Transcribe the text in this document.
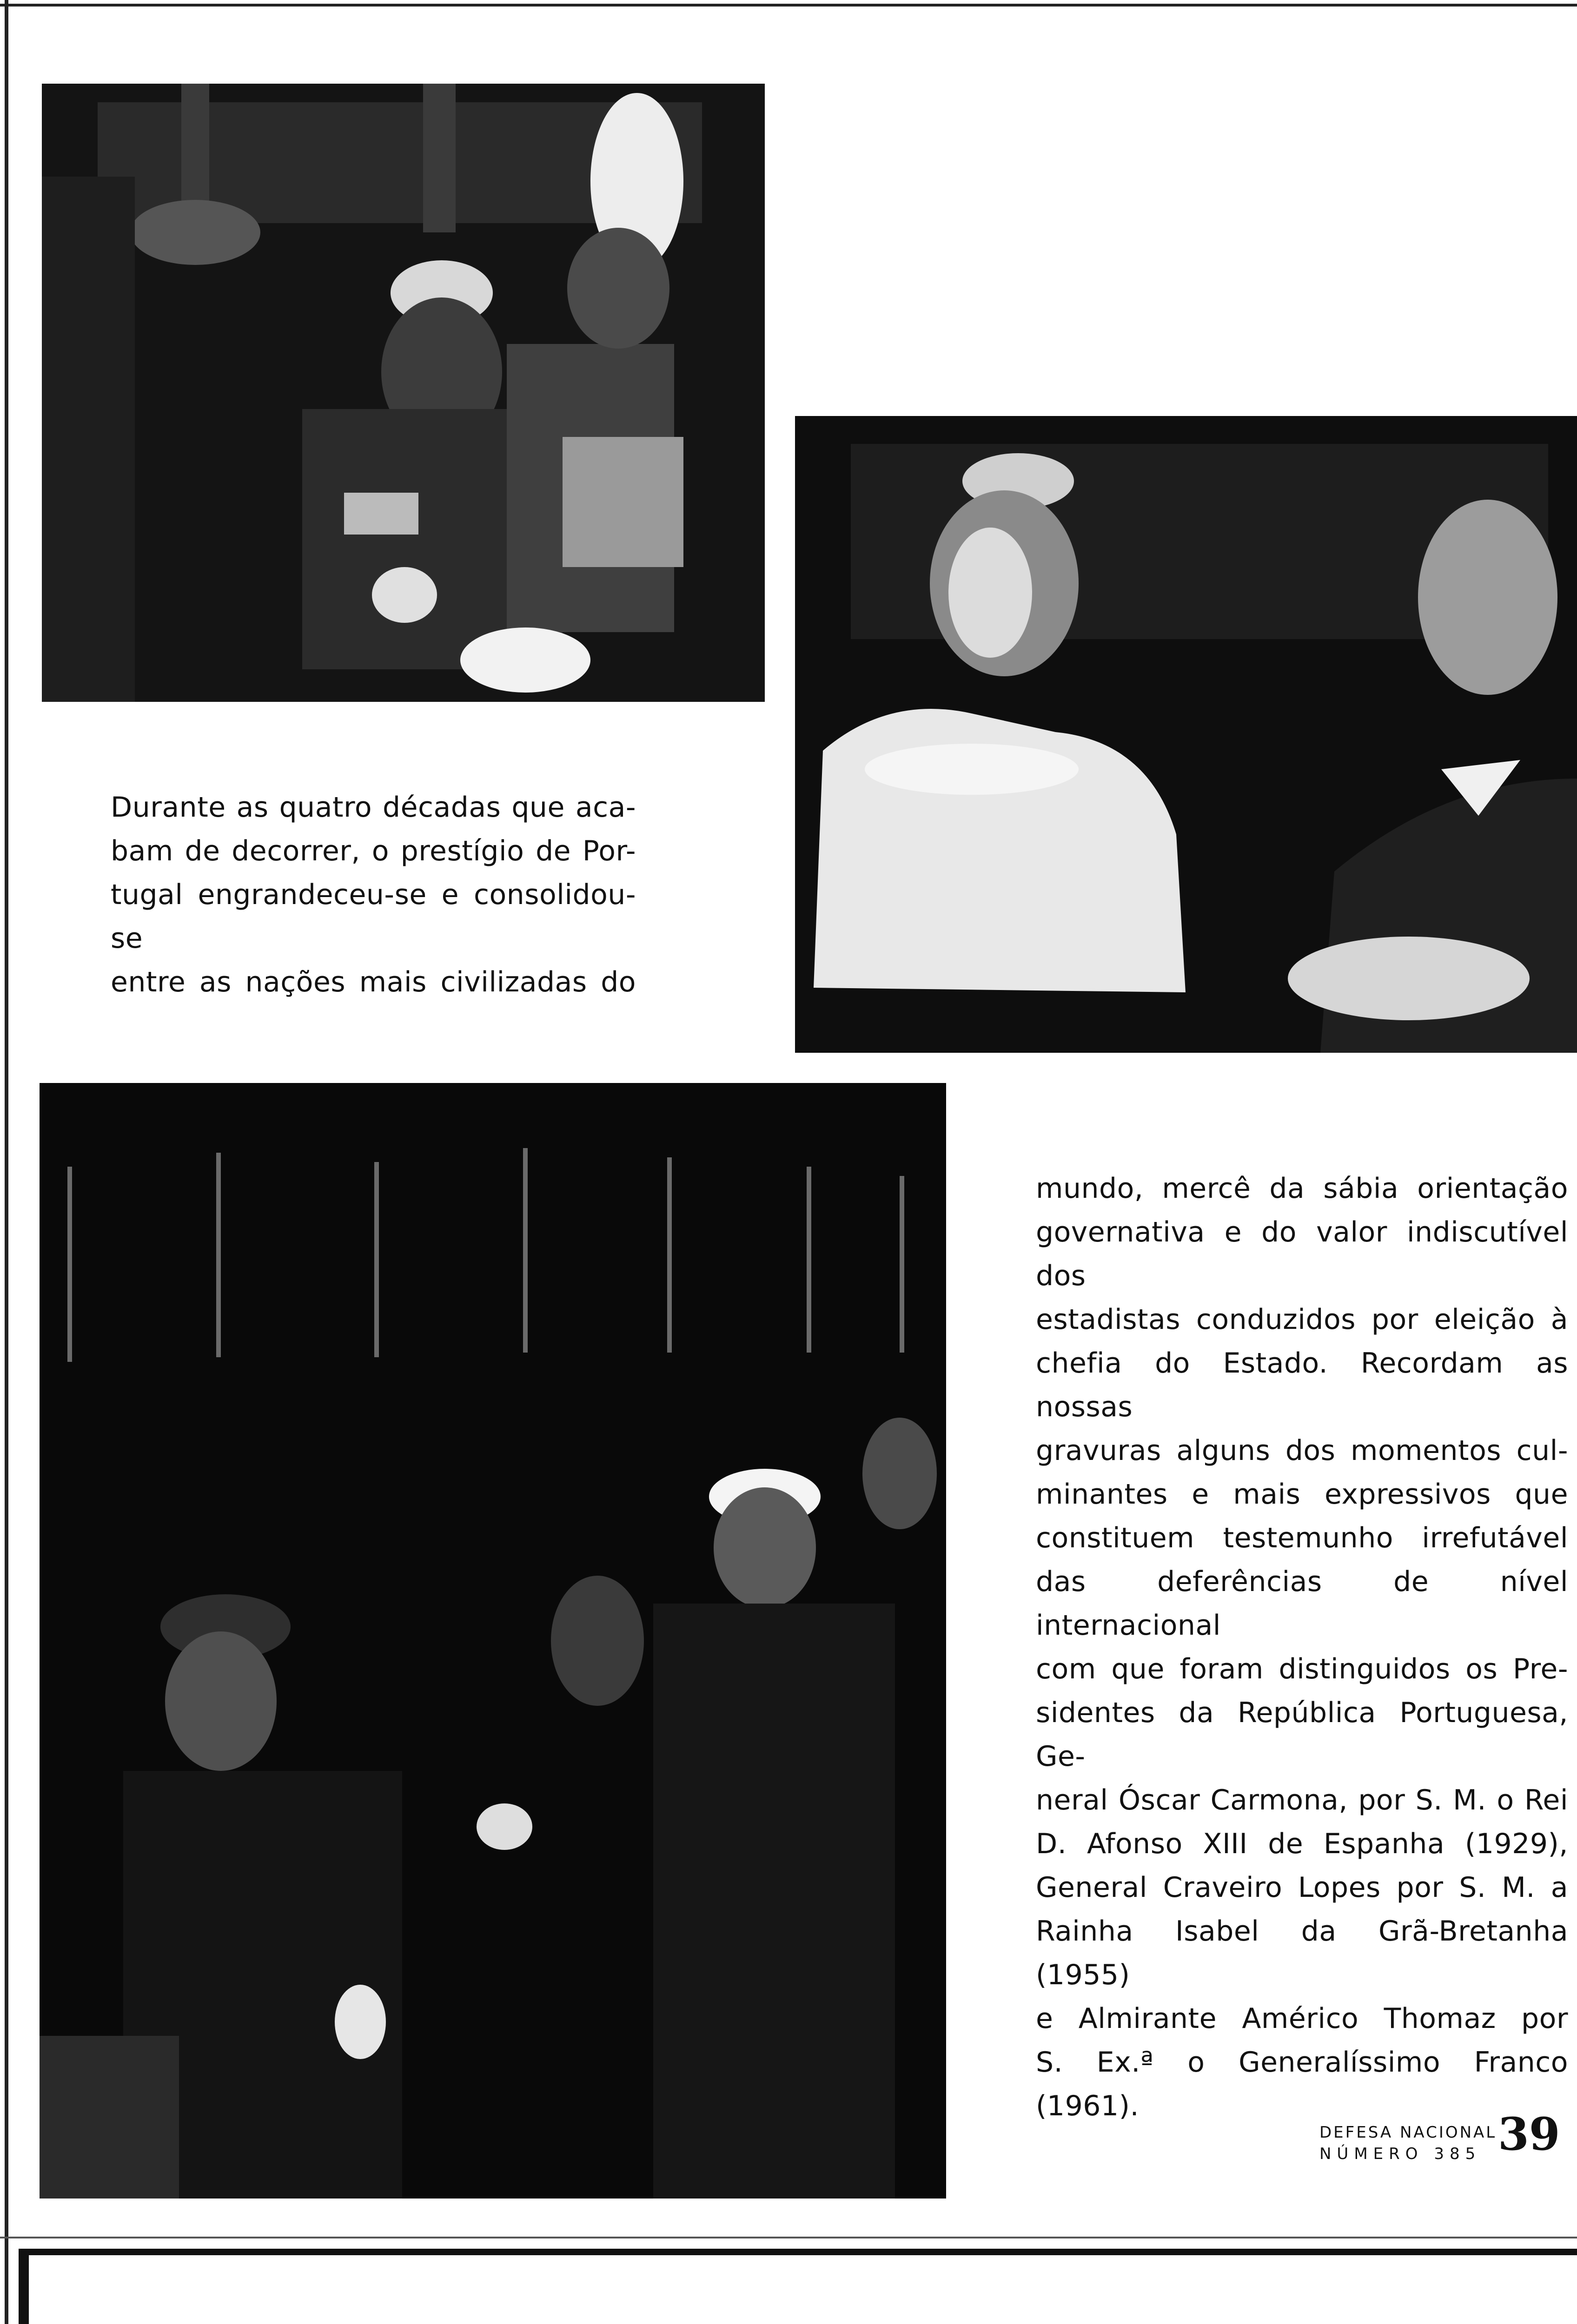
Durante as quatro décadas que aca-
bam de decorrer, o prestígio de Por-
tugal engrandeceu-se e consolidou-se
entre as nações mais civilizadas do
mundo, mercê da sábia orientação
governativa e do valor indiscutível dos
estadistas conduzidos por eleição à
chefia do Estado. Recordam as nossas
gravuras alguns dos momentos cul-
minantes e mais expressivos que
constituem testemunho irrefutável
das deferências de nível internacional
com que foram distinguidos os Pre-
sidentes da República Portuguesa, Ge-
neral Óscar Carmona, por S. M. o Rei
D. Afonso XIII de Espanha (1929),
General Craveiro Lopes por S. M. a
Rainha Isabel da Grã-Bretanha (1955)
e Almirante Américo Thomaz por
S. Ex.ª o Generalíssimo Franco (1961).
DEFESA NACIONAL
NÚMERO 385 39
